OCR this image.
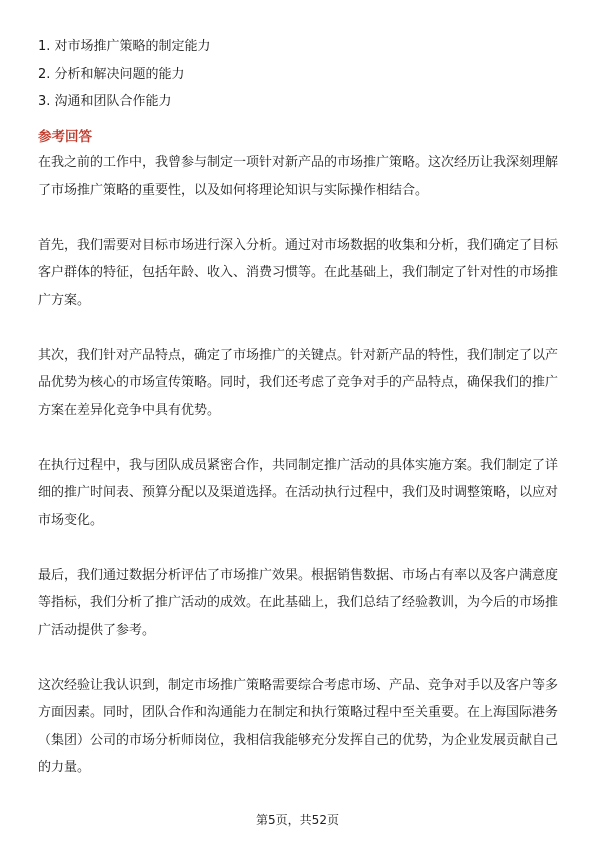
1. 对市场推广策略的制定能力
2. 分析和解决问题的能力
3. 沟通和团队合作能力
参考回答

在我之前的工作中，我曾参与制定一项针对新产品的市场推广策略。这次经历让我深刻理解了市场推广策略的重要性，以及如何将理论知识与实际操作相结合。

首先，我们需要对目标市场进行深入分析。通过对市场数据的收集和分析，我们确定了目标客户群体的特征，包括年龄、收入、消费习惯等。在此基础上，我们制定了针对性的市场推广方案。

其次，我们针对产品特点，确定了市场推广的关键点。针对新产品的特性，我们制定了以产品优势为核心的市场宣传策略。同时，我们还考虑了竞争对手的产品特点，确保我们的推广方案在差异化竞争中具有优势。

在执行过程中，我与团队成员紧密合作，共同制定推广活动的具体实施方案。我们制定了详细的推广时间表、预算分配以及渠道选择。在活动执行过程中，我们及时调整策略，以应对市场变化。

最后，我们通过数据分析评估了市场推广效果。根据销售数据、市场占有率以及客户满意度等指标，我们分析了推广活动的成效。在此基础上，我们总结了经验教训，为今后的市场推广活动提供了参考。

这次经验让我认识到，制定市场推广策略需要综合考虑市场、产品、竞争对手以及客户等多方面因素。同时，团队合作和沟通能力在制定和执行策略过程中至关重要。在上海国际港务（集团）公司的市场分析师岗位，我相信我能够充分发挥自己的优势，为企业发展贡献自己的力量。

第5页，共52页
